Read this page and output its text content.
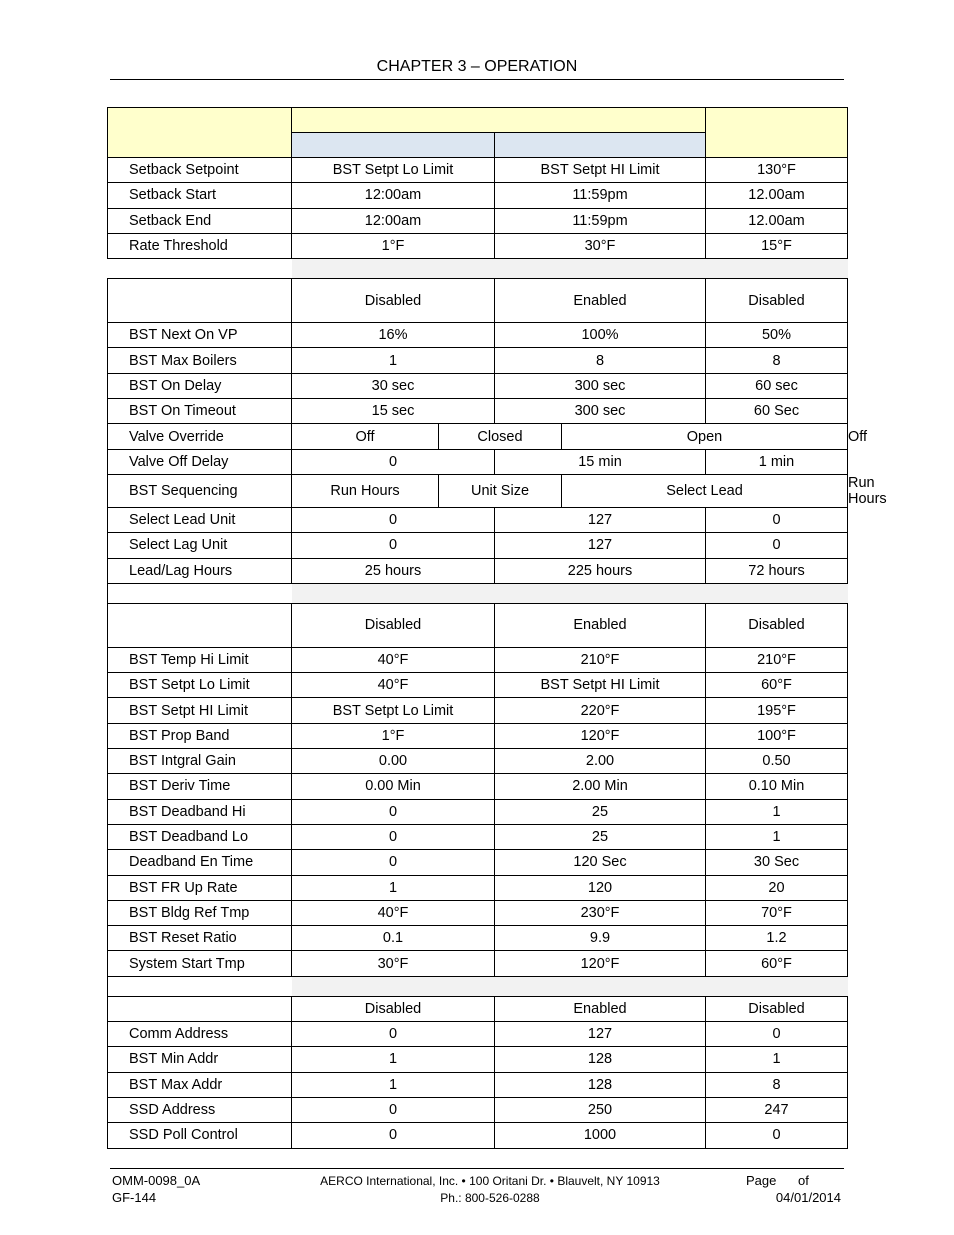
CHAPTER 3 – OPERATION

Setback Setpoint	BST Setpt Lo Limit		BST Setpt HI Limit		130°F	
Setback Start	12:00am		11:59pm		12.00am	
Setback End	12:00am		11:59pm		12.00am	
Rate Threshold	1°F		30°F		15°F	

	Disabled		Enabled		Disabled	
BST Next On VP	16%		100%		50%	
BST Max Boilers	1		8		8	
BST On Delay	30 sec		300 sec		60 sec	
BST On Timeout	15 sec		300 sec		60 Sec	
Valve Override	Off	Closed		Open		Off
Valve Off Delay	0		15 min		1 min	
BST Sequencing	Run Hours	Unit Size		Select Lead		Run Hours
Select Lead Unit	0		127		0	
Select Lag Unit	0		127		0	
Lead/Lag Hours	25 hours		225 hours		72 hours	

	Disabled		Enabled		Disabled	
BST Temp Hi Limit	40°F		210°F		210°F	
BST Setpt Lo Limit	40°F		BST Setpt HI Limit		60°F	
BST Setpt HI Limit	BST Setpt Lo Limit		220°F		195°F	
BST Prop Band	1°F		120°F		100°F	
BST Intgral Gain	0.00		2.00		0.50	
BST Deriv Time	0.00 Min		2.00 Min		0.10 Min	
BST Deadband Hi	0		25		1	
BST Deadband Lo	0		25		1	
Deadband En Time	0		120 Sec		30 Sec	
BST FR Up Rate	1		120		20	
BST Bldg Ref Tmp	40°F		230°F		70°F	
BST Reset Ratio	0.1		9.9		1.2	
System Start Tmp	30°F		120°F		60°F	

	Disabled		Enabled		Disabled	
Comm Address	0		127		0	
BST Min Addr	1		128		1	
BST Max Addr	1		128		8	
SSD Address	0		250		247	
SSD Poll Control	0		1000		0	
OMM-0098_0A
GF-144
AERCO International, Inc. • 100 Oritani Dr. • Blauvelt, NY 10913
Ph.: 800-526-0288
Page      of
04/01/2014
